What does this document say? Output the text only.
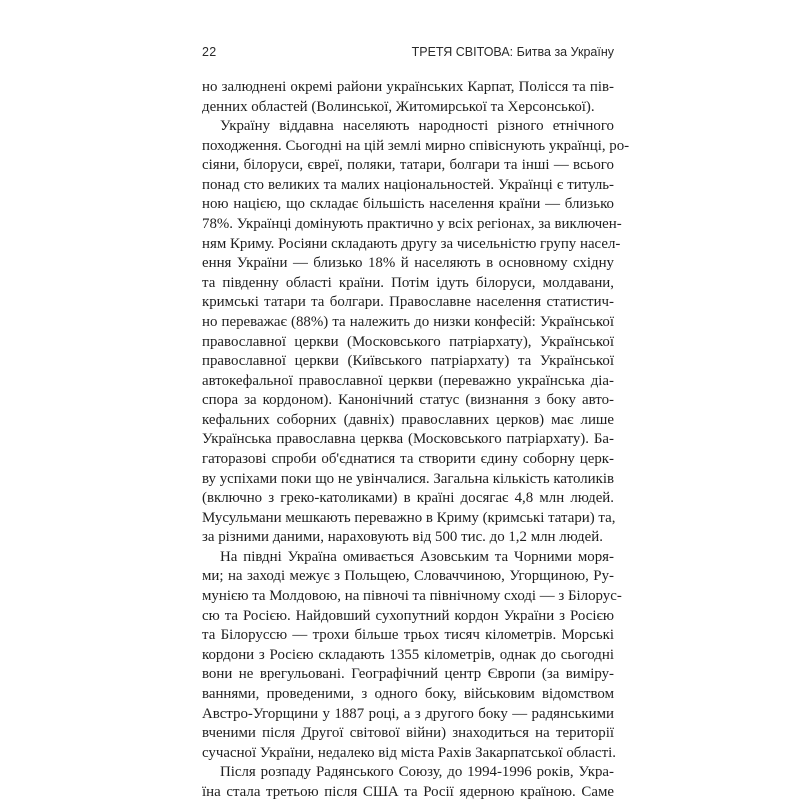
22	ТРЕТЯ СВІТОВА: Битва за Україну
но залюднені окремі райони українських Карпат, Полісся та пів-
денних областей (Волинської, Житомирської та Херсонської).
Україну віддавна населяють народності різного етнічного
походження. Сьогодні на цій землі мирно співіснують українці, ро-
сіяни, білоруси, євреї, поляки, татари, болгари та інші — всього
понад сто великих та малих національностей. Українці є титуль-
ною нацією, що складає більшість населення країни — близько
78%. Українці домінують практично у всіх регіонах, за виключен-
ням Криму. Росіяни складають другу за чисельністю групу насел-
ення України — близько 18% й населяють в основному східну
та південну області країни. Потім ідуть білоруси, молдавани,
кримські татари та болгари. Православне населення статистич-
но переважає (88%) та належить до низки конфесій: Української
православної церкви (Московського патріархату), Української
православної церкви (Київського патріархату) та Української
автокефальної православної церкви (переважно українська діа-
спора за кордоном). Канонічний статус (визнання з боку авто-
кефальних соборних (давніх) православних церков) має лише
Українська православна церква (Московського патріархату). Ба-
гаторазові спроби об'єднатися та створити єдину соборну церк-
ву успіхами поки що не увінчалися. Загальна кількість католиків
(включно з греко-католиками) в країні досягає 4,8 млн людей.
Мусульмани мешкають переважно в Криму (кримські татари) та,
за різними даними, нараховують від 500 тис. до 1,2 млн людей.
На півдні Україна омивається Азовським та Чорними моря-
ми; на заході межує з Польщею, Словаччиною, Угорщиною, Ру-
мунією та Молдовою, на півночі та північному сході — з Білорус-
сю та Росією. Найдовший сухопутний кордон України з Росією
та Білоруссю — трохи більше трьох тисяч кілометрів. Морські
кордони з Росією складають 1355 кілометрів, однак до сьогодні
вони не врегульовані. Географічний центр Європи (за виміру-
ваннями, проведеними, з одного боку, військовим відомством
Австро-Угорщини у 1887 році, а з другого боку — радянськими
вченими після Другої світової війни) знаходиться на території
сучасної України, недалеко від міста Рахів Закарпатської області.
Після розпаду Радянського Союзу, до 1994-1996 років, Укра-
їна стала третьою після США та Росії ядерною країною. Саме
